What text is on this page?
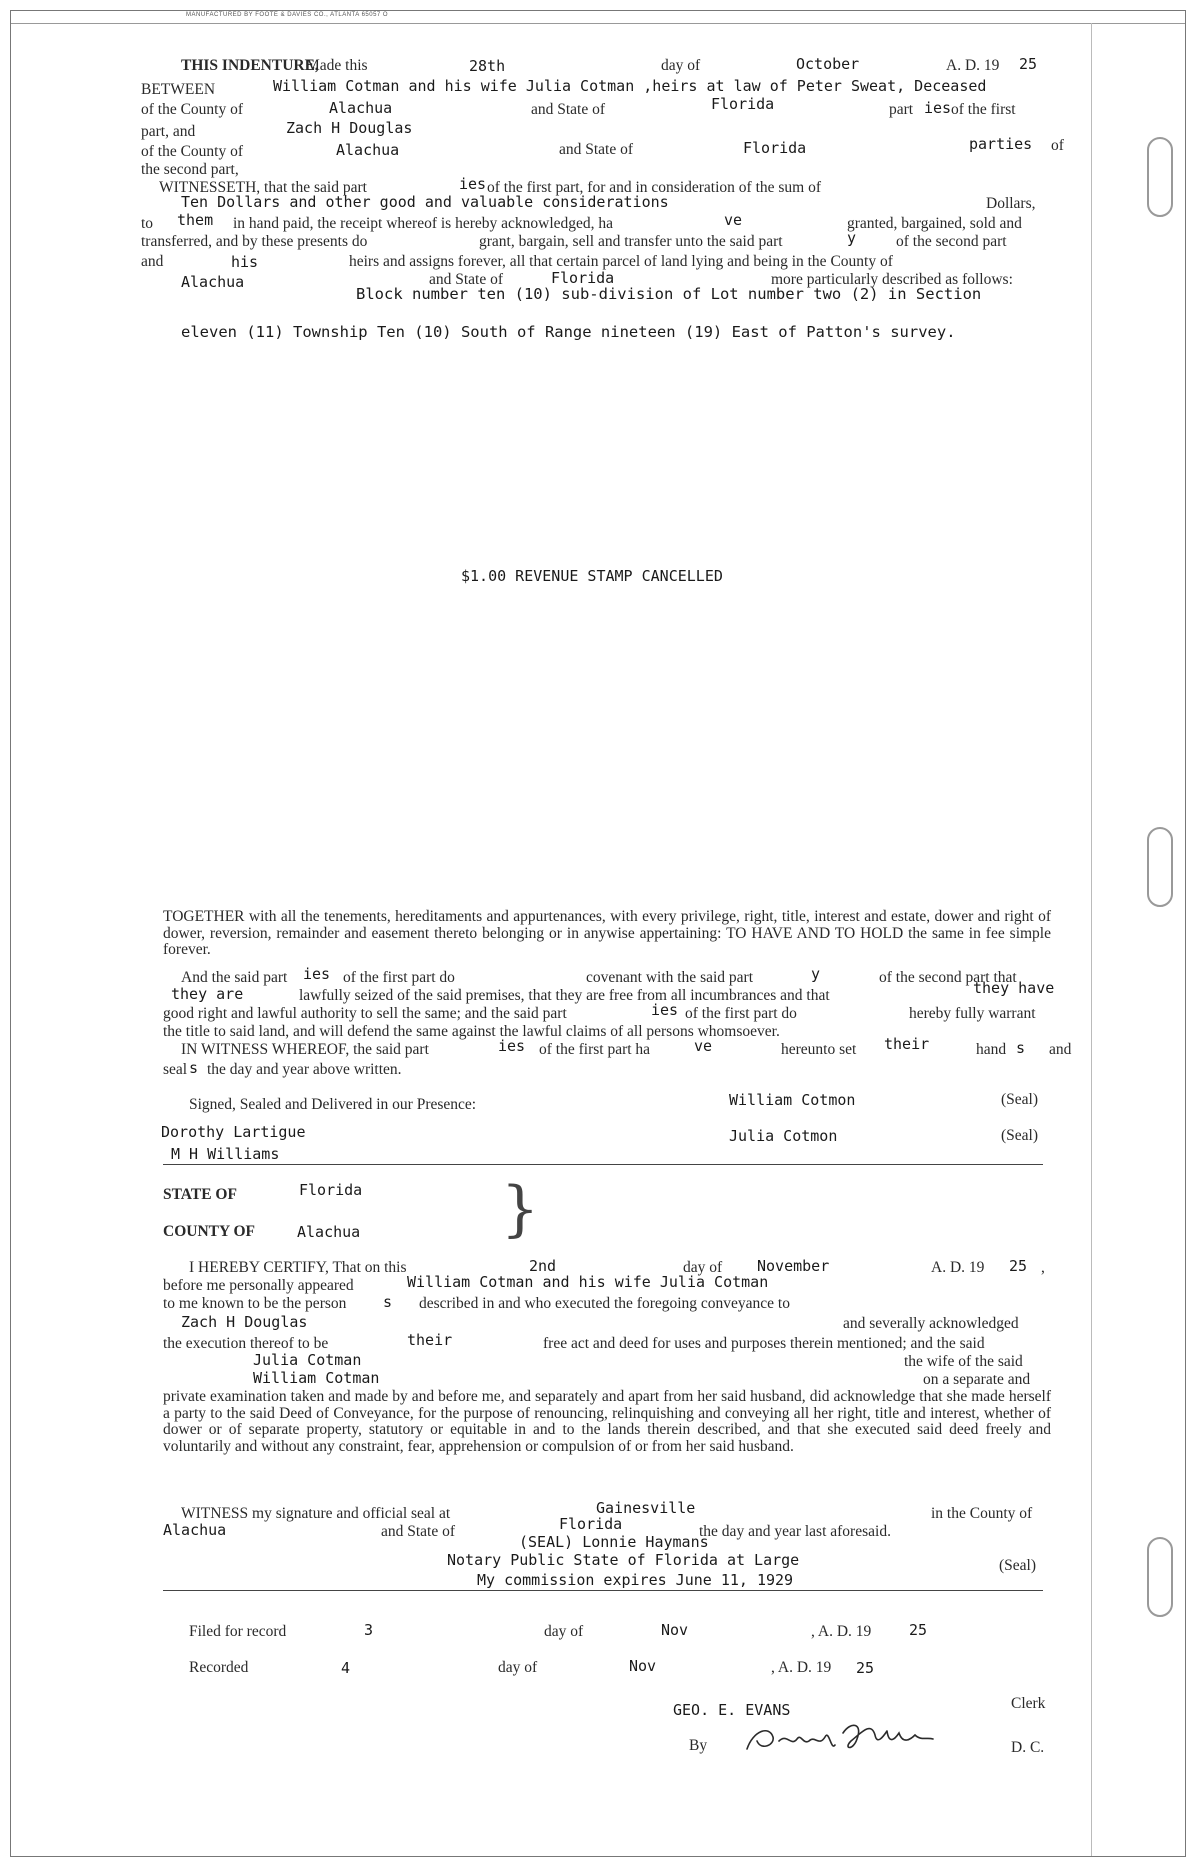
MANUFACTURED BY FOOTE & DAVIES CO., ATLANTA 65057 O
THIS INDENTURE,
Made this	28th	day of	October	A. D. 19 25
BETWEEN	William Cotman and his wife Julia Cotman ,heirs at law of Peter Sweat, Deceased
of the County of	Alachua	and State of	Florida	part ies of the first
part, and	Zach H Douglas
of the County of	Alachua	and State of	Florida	parties of
the second part,
WITNESSETH, that the said part	ies of the first part, for and in consideration of the sum of
Ten Dollars and other good and valuable considerations	Dollars,
to them in hand paid, the receipt whereof is hereby acknowledged, ha	ve	granted, bargained, sold and
transferred, and by these presents do	grant, bargain, sell and transfer unto the said part	y	of the second part
and	his	heirs and assigns forever, all that certain parcel of land lying and being in the County of
Alachua	and State of	Florida	more particularly described as follows:
Block number ten (10) sub-division of Lot number two (2) in Section
eleven (11) Township Ten (10) South of Range nineteen (19) East of Patton's survey.
$1.00 REVENUE STAMP CANCELLED
TOGETHER with all the tenements, hereditaments and appurtenances, with every privilege, right, title, interest and estate, dower and right of dower, reversion, remainder and easement thereto belonging or in anywise appertaining: TO HAVE AND TO HOLD the same in fee simple forever.
And the said part ies of the first part do	covenant with the said part	y	of the second part that
they are	lawfully seized of the said premises, that they are free from all incumbrances and that	they have
good right and lawful authority to sell the same; and the said part	ies of the first part do	hereby fully warrant
the title to said land, and will defend the same against the lawful claims of all persons whomsoever.
IN WITNESS WHEREOF, the said part	ies of the first part ha	ve	hereunto set their	hand s and
seal s the day and year above written.
Signed, Sealed and Delivered in our Presence:	William Cotmon	(Seal)
Dorothy Lartigue	Julia Cotmon	(Seal)
M H Williams
STATE OF	Florida }
COUNTY OF	Alachua
I HEREBY CERTIFY, That on this	2nd	day of November	A. D. 19 25 ,
before me personally appeared	William Cotman and his wife Julia Cotman
to me known to be the person s described in and who executed the foregoing conveyance to
Zach H Douglas	and severally acknowledged
the execution thereof to be	their	free act and deed for uses and purposes therein mentioned; and the said
Julia Cotman	the wife of the said
William Cotman	on a separate and
private examination taken and made by and before me, and separately and apart from her said husband, did acknowledge that she made herself a party to the said Deed of Conveyance, for the purpose of renouncing, relinquishing and conveying all her right, title and interest, whether of dower or of separate property, statutory or equitable in and to the lands therein described, and that she executed said deed freely and voluntarily and without any constraint, fear, apprehension or compulsion of or from her said husband.
WITNESS my signature and official seal at	Gainesville	in the County of
Alachua	and State of	Florida	the day and year last aforesaid.
(SEAL) Lonnie Haymans
Notary Public State of Florida at Large	(Seal)
My commission expires June 11, 1929
Filed for record	3	day of	Nov	, A. D. 19	25
Recorded	4	day of	Nov	, A. D. 19 25
GEO. E. EVANS	Clerk
By	D. C.
